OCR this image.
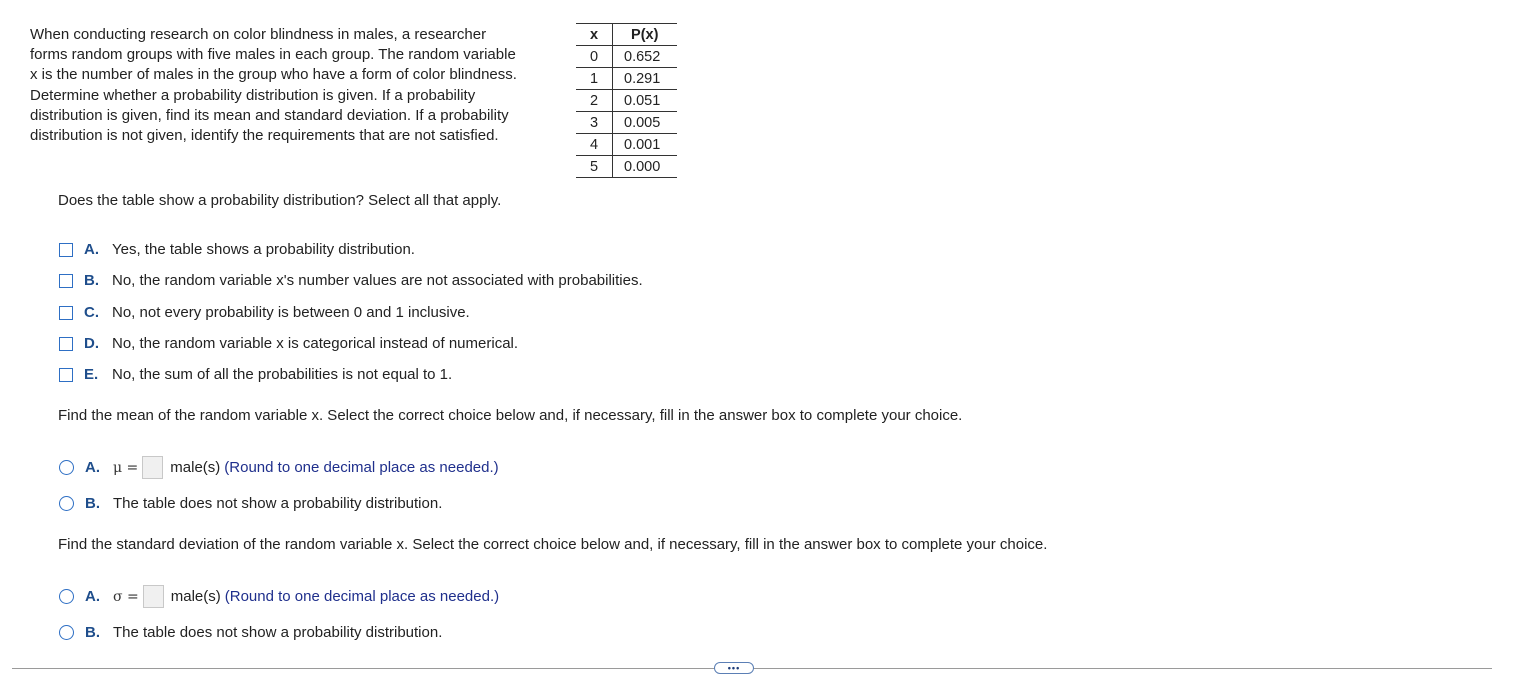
When conducting research on color blindness in males, a researcher
forms random groups with five males in each group. The random variable
x is the number of males in the group who have a form of color blindness.
Determine whether a probability distribution is given. If a probability
distribution is given, find its mean and standard deviation. If a probability
distribution is not given, identify the requirements that are not satisfied.
x	P(x)
0	0.652
1	0.291
2	0.051
3	0.005
4	0.001
5	0.000
Does the table show a probability distribution? Select all that apply.
A. Yes, the table shows a probability distribution.
B. No, the random variable x's number values are not associated with probabilities.
C. No, not every probability is between 0 and 1 inclusive.
D. No, the random variable x is categorical instead of numerical.
E. No, the sum of all the probabilities is not equal to 1.
Find the mean of the random variable x. Select the correct choice below and, if necessary, fill in the answer box to complete your choice.
A. μ = male(s) (Round to one decimal place as needed.)
B. The table does not show a probability distribution.
Find the standard deviation of the random variable x. Select the correct choice below and, if necessary, fill in the answer box to complete your choice.
A. σ = male(s) (Round to one decimal place as needed.)
B. The table does not show a probability distribution.
•••
